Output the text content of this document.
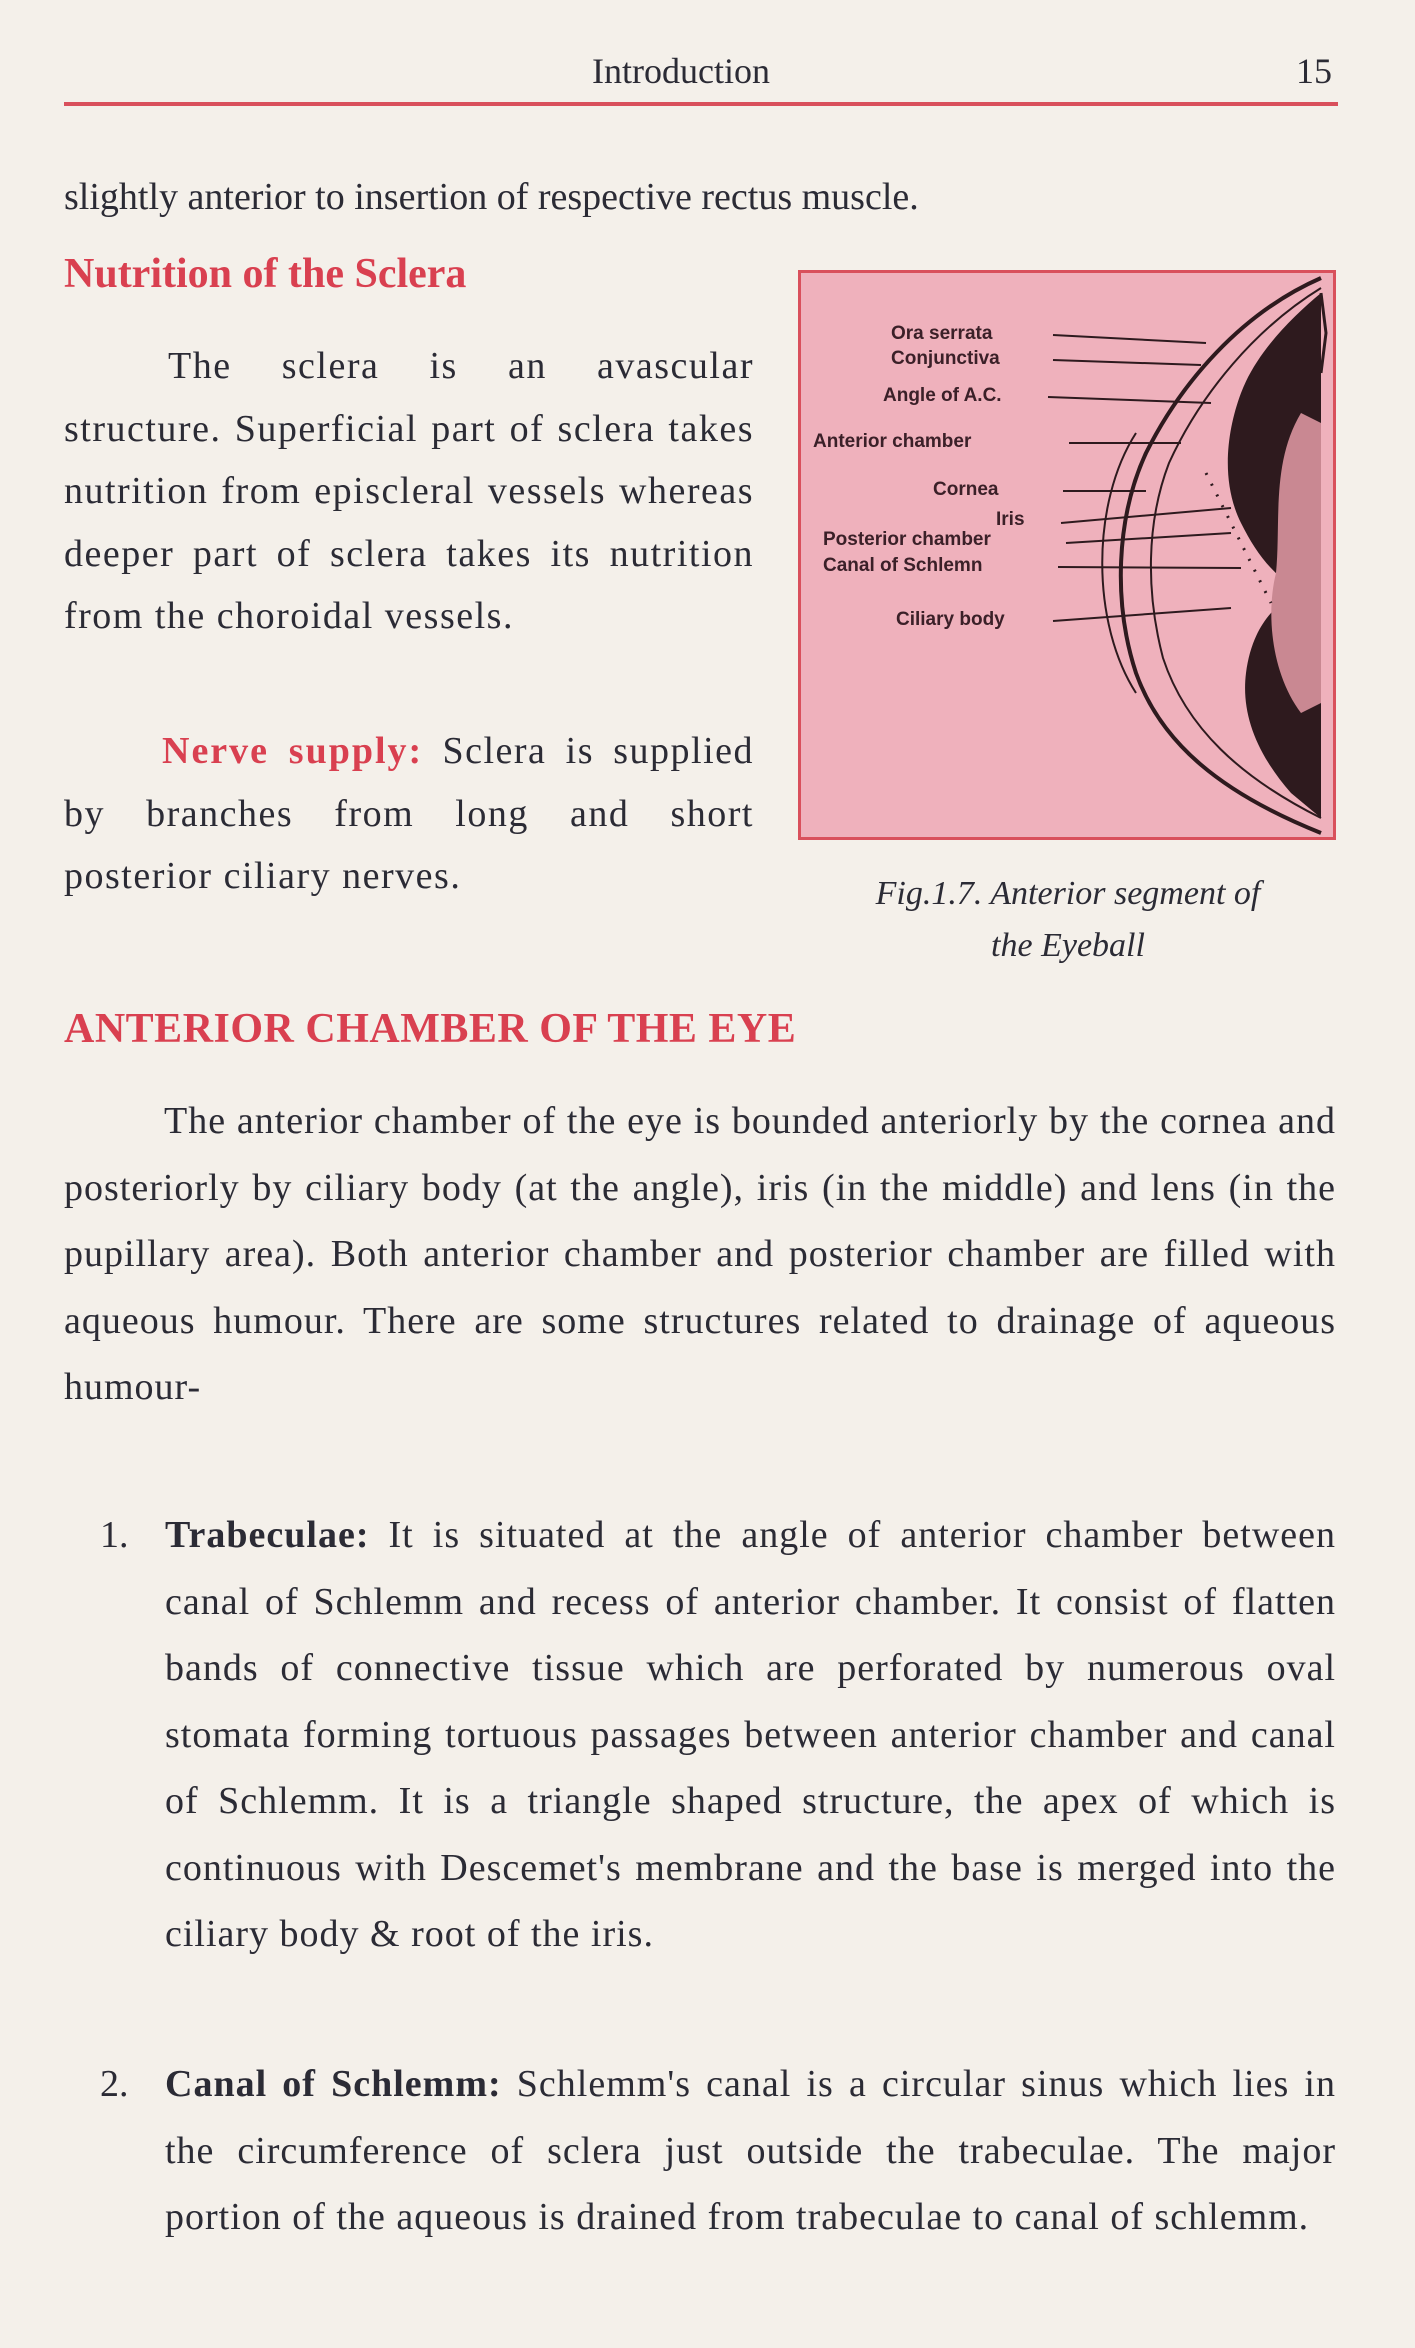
Introduction	15
slightly anterior to insertion of respective rectus muscle.
Nutrition of the Sclera
The sclera is an avascular structure. Superficial part of sclera takes nutrition from episcleral vessels whereas deeper part of sclera takes its nutrition from the choroidal vessels.
Nerve supply: Sclera is supplied by branches from long and short posterior ciliary nerves.
Ora serrata
Conjunctiva
Angle of A.C.
Anterior chamber
Cornea
Iris
Posterior chamber
Canal of Schlemn
Ciliary body
Fig.1.7. Anterior segment of
the Eyeball
ANTERIOR CHAMBER OF THE EYE
The anterior chamber of the eye is bounded anteriorly by the cornea and posteriorly by ciliary body (at the angle), iris (in the middle) and lens (in the pupillary area). Both anterior chamber and posterior chamber are filled with aqueous humour. There are some structures related to drainage of aqueous humour-
1. Trabeculae: It is situated at the angle of anterior chamber between canal of Schlemm and recess of anterior chamber. It consist of flatten bands of connective tissue which are perforated by numerous oval stomata forming tortuous passages between anterior chamber and canal of Schlemm. It is a triangle shaped structure, the apex of which is continuous with Descemet's membrane and the base is merged into the ciliary body & root of the iris.
2. Canal of Schlemm: Schlemm's canal is a circular sinus which lies in the circumference of sclera just outside the trabeculae. The major portion of the aqueous is drained from trabeculae to canal of schlemm.
